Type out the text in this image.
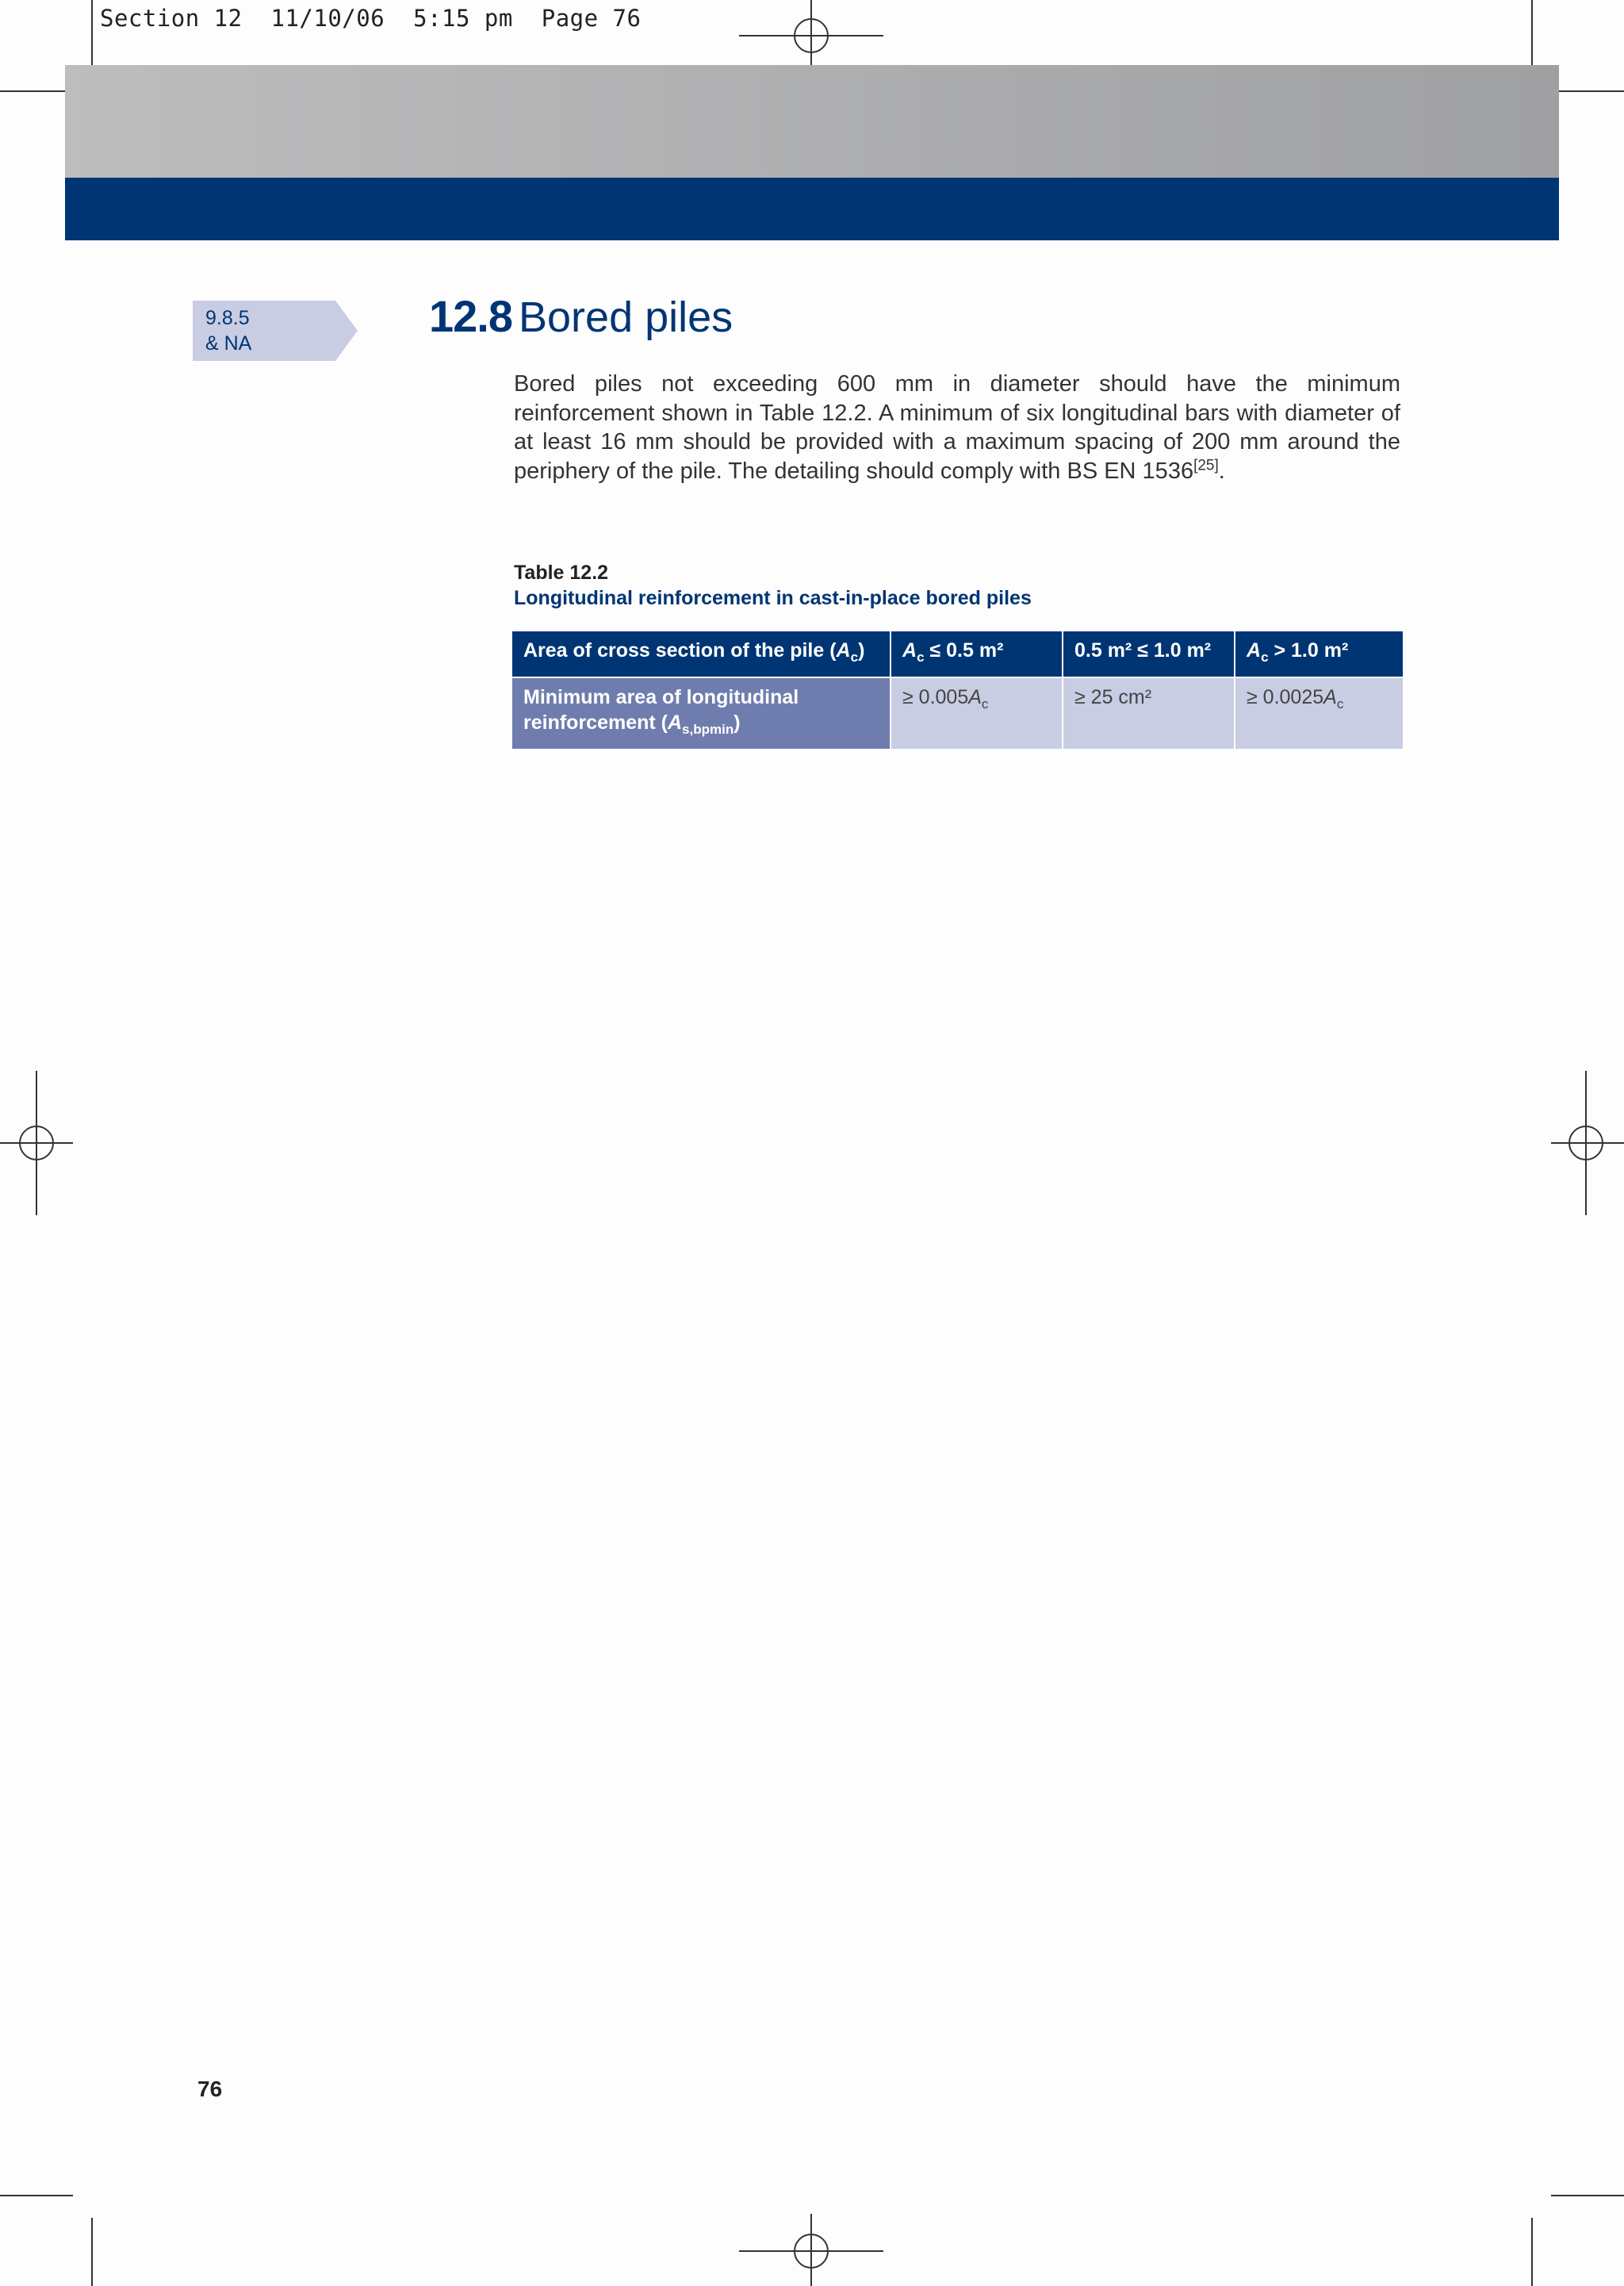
Section 12  11/10/06  5:15 pm  Page 76
9.8.5
& NA
12.8 Bored piles
Bored piles not exceeding 600 mm in diameter should have the minimum reinforcement shown in Table 12.2. A minimum of six longitudinal bars with diameter of at least 16 mm should be provided with a maximum spacing of 200 mm around the periphery of the pile. The detailing should comply with BS EN 1536[25].
Table 12.2
Longitudinal reinforcement in cast-in-place bored piles
Area of cross section of the pile $(A_c)$	$A_c \le 0.5$ m²	0.5 m² ≤ 1.0 m²	$A_c > 1.0$ m²
Minimum area of longitudinal reinforcement $(A_{s,bpmin})$	≥ $0.005A_c$	≥ 25 cm²	≥ $0.0025A_c$
76
